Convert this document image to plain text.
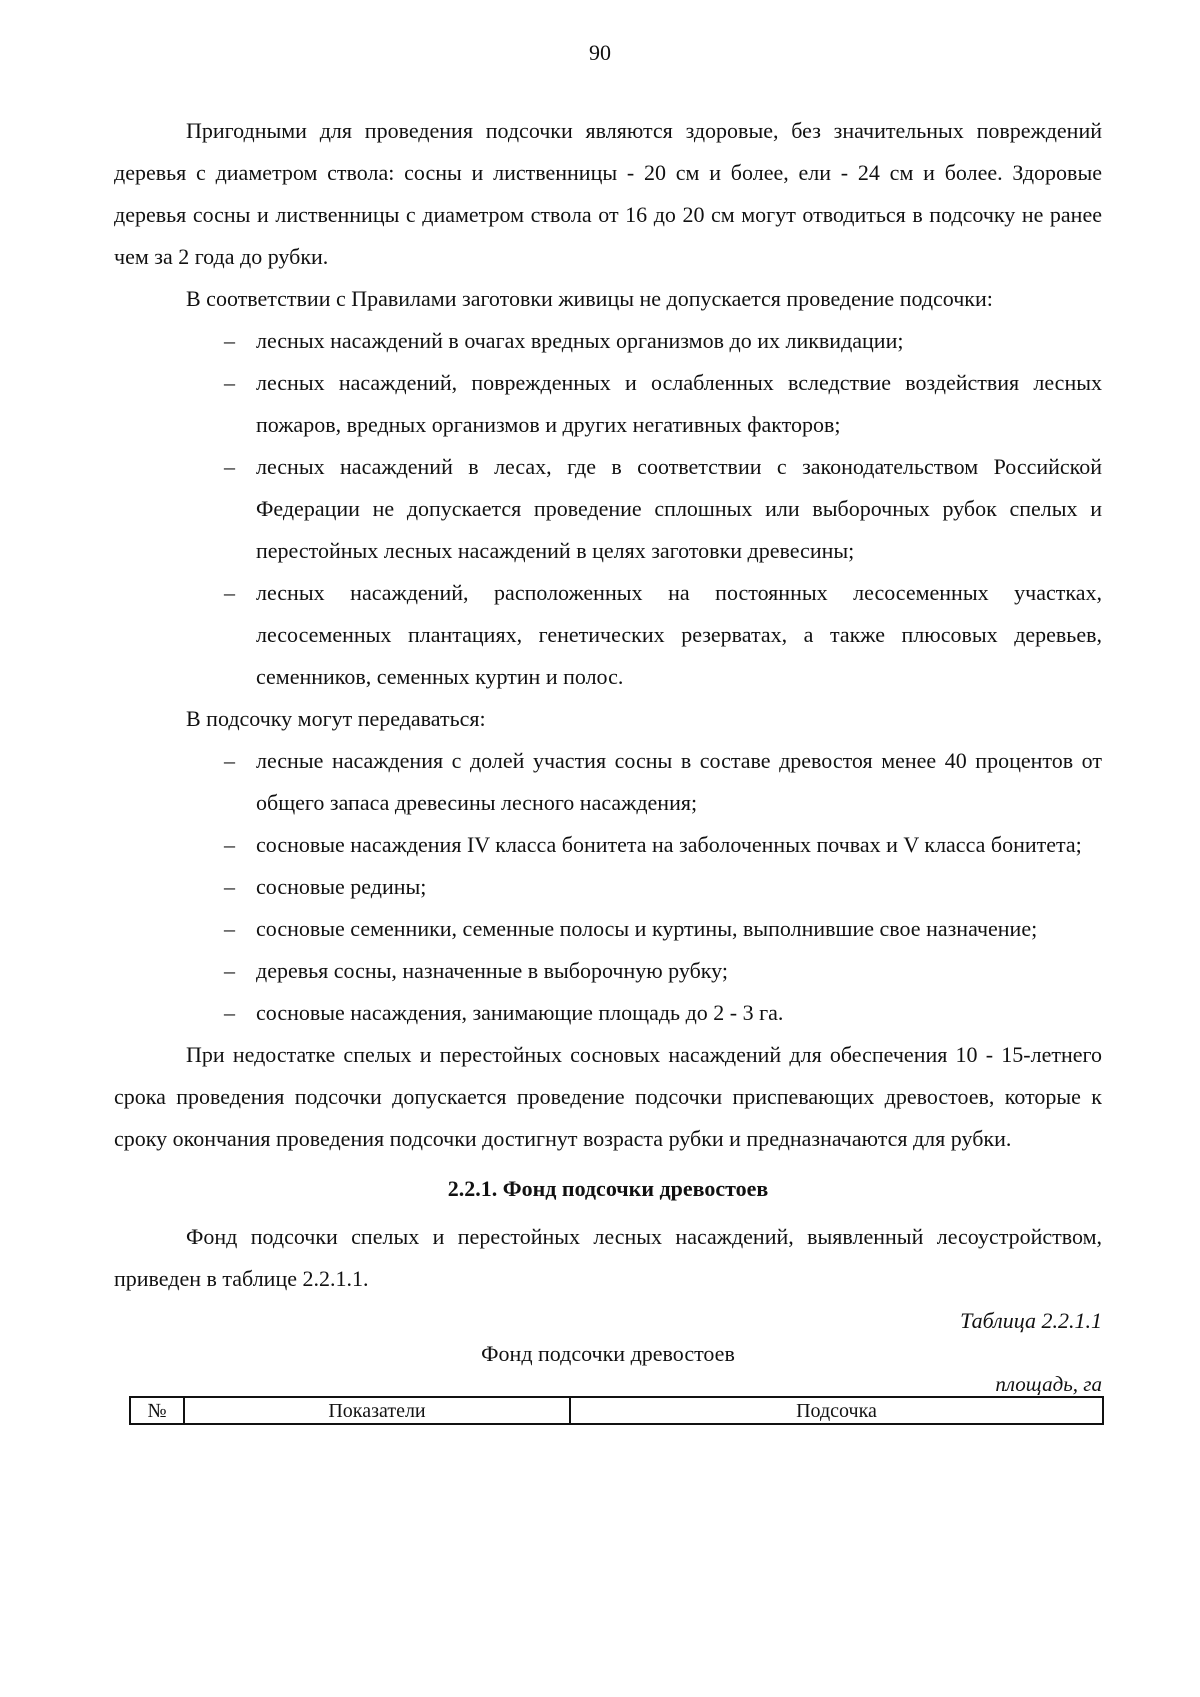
90

Пригодными для проведения подсочки являются здоровые, без значительных повреждений деревья с диаметром ствола: сосны и лиственницы - 20 см и более, ели - 24 см и более. Здоровые деревья сосны и лиственницы с диаметром ствола от 16 до 20 см могут отводиться в подсочку не ранее чем за 2 года до рубки.

В соответствии с Правилами заготовки живицы не допускается проведение подсочки:

– лесных насаждений в очагах вредных организмов до их ликвидации;
– лесных насаждений, поврежденных и ослабленных вследствие воздействия лесных пожаров, вредных организмов и других негативных факторов;
– лесных насаждений в лесах, где в соответствии с законодательством Российской Федерации не допускается проведение сплошных или выборочных рубок спелых и перестойных лесных насаждений в целях заготовки древесины;
– лесных насаждений, расположенных на постоянных лесосеменных участках, лесосеменных плантациях, генетических резерватах, а также плюсовых деревьев, семенников, семенных куртин и полос.

В подсочку могут передаваться:

– лесные насаждения с долей участия сосны в составе древостоя менее 40 процентов от общего запаса древесины лесного насаждения;
– сосновые насаждения IV класса бонитета на заболоченных почвах и V класса бонитета;
– сосновые редины;
– сосновые семенники, семенные полосы и куртины, выполнившие свое назначение;
– деревья сосны, назначенные в выборочную рубку;
– сосновые насаждения, занимающие площадь до 2 - 3 га.

При недостатке спелых и перестойных сосновых насаждений для обеспечения 10 - 15-летнего срока проведения подсочки допускается проведение подсочки приспевающих древостоев, которые к сроку окончания проведения подсочки достигнут возраста рубки и предназначаются для рубки.

2.2.1. Фонд подсочки древостоев

Фонд подсочки спелых и перестойных лесных насаждений, выявленный лесоустройством, приведен в таблице 2.2.1.1.

Таблица 2.2.1.1
Фонд подсочки древостоев
площадь, га
№	Показатели	Подсочка
